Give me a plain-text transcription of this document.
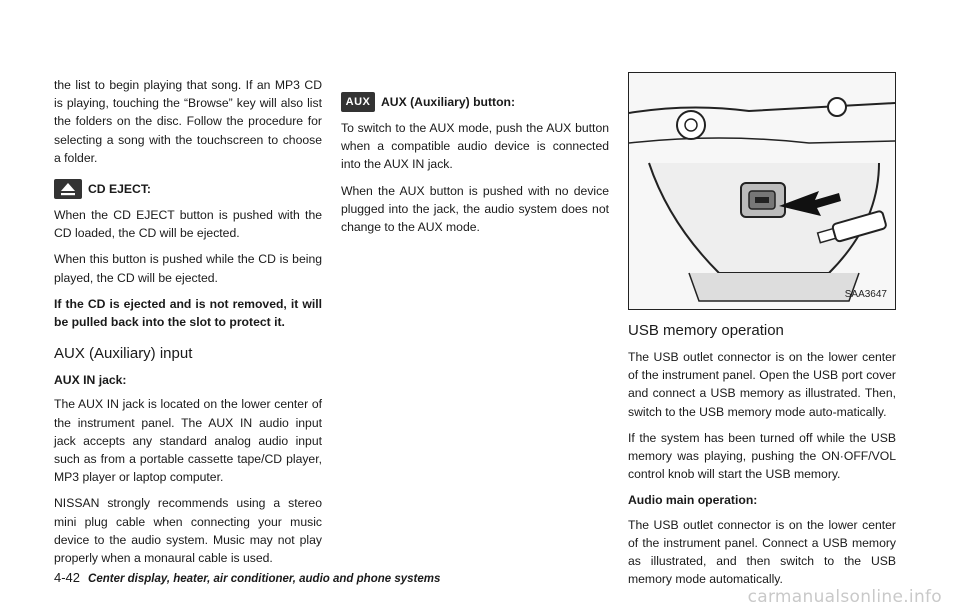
the list to begin playing that song. If an MP3 CD is playing, touching the “Browse” key will also list the folders on the disc. Follow the procedure for selecting a song with the touchscreen to choose a folder.

CD EJECT:

When the CD EJECT button is pushed with the CD loaded, the CD will be ejected.

When this button is pushed while the CD is being played, the CD will be ejected.

If the CD is ejected and is not removed, it will be pulled back into the slot to protect it.

AUX (Auxiliary) input
AUX IN jack:

The AUX IN jack is located on the lower center of the instrument panel. The AUX IN audio input jack accepts any standard analog audio input such as from a portable cassette tape/CD player, MP3 player or laptop computer.

NISSAN strongly recommends using a stereo mini plug cable when connecting your music device to the audio system. Music may not play properly when a monaural cable is used.

AUX AUX (Auxiliary) button:

To switch to the AUX mode, push the AUX button when a compatible audio device is connected into the AUX IN jack.

When the AUX button is pushed with no device plugged into the jack, the audio system does not change to the AUX mode.

SAA3647
USB memory operation

The USB outlet connector is on the lower center of the instrument panel. Open the USB port cover and connect a USB memory as illustrated. Then, switch to the USB memory mode auto-matically.

If the system has been turned off while the USB memory was playing, pushing the ON·OFF/VOL control knob will start the USB memory.

Audio main operation:

The USB outlet connector is on the lower center of the instrument panel. Connect a USB memory as illustrated, and then switch to the USB memory mode automatically.

4-42 Center display, heater, air conditioner, audio and phone systems
carmanualsonline.info
